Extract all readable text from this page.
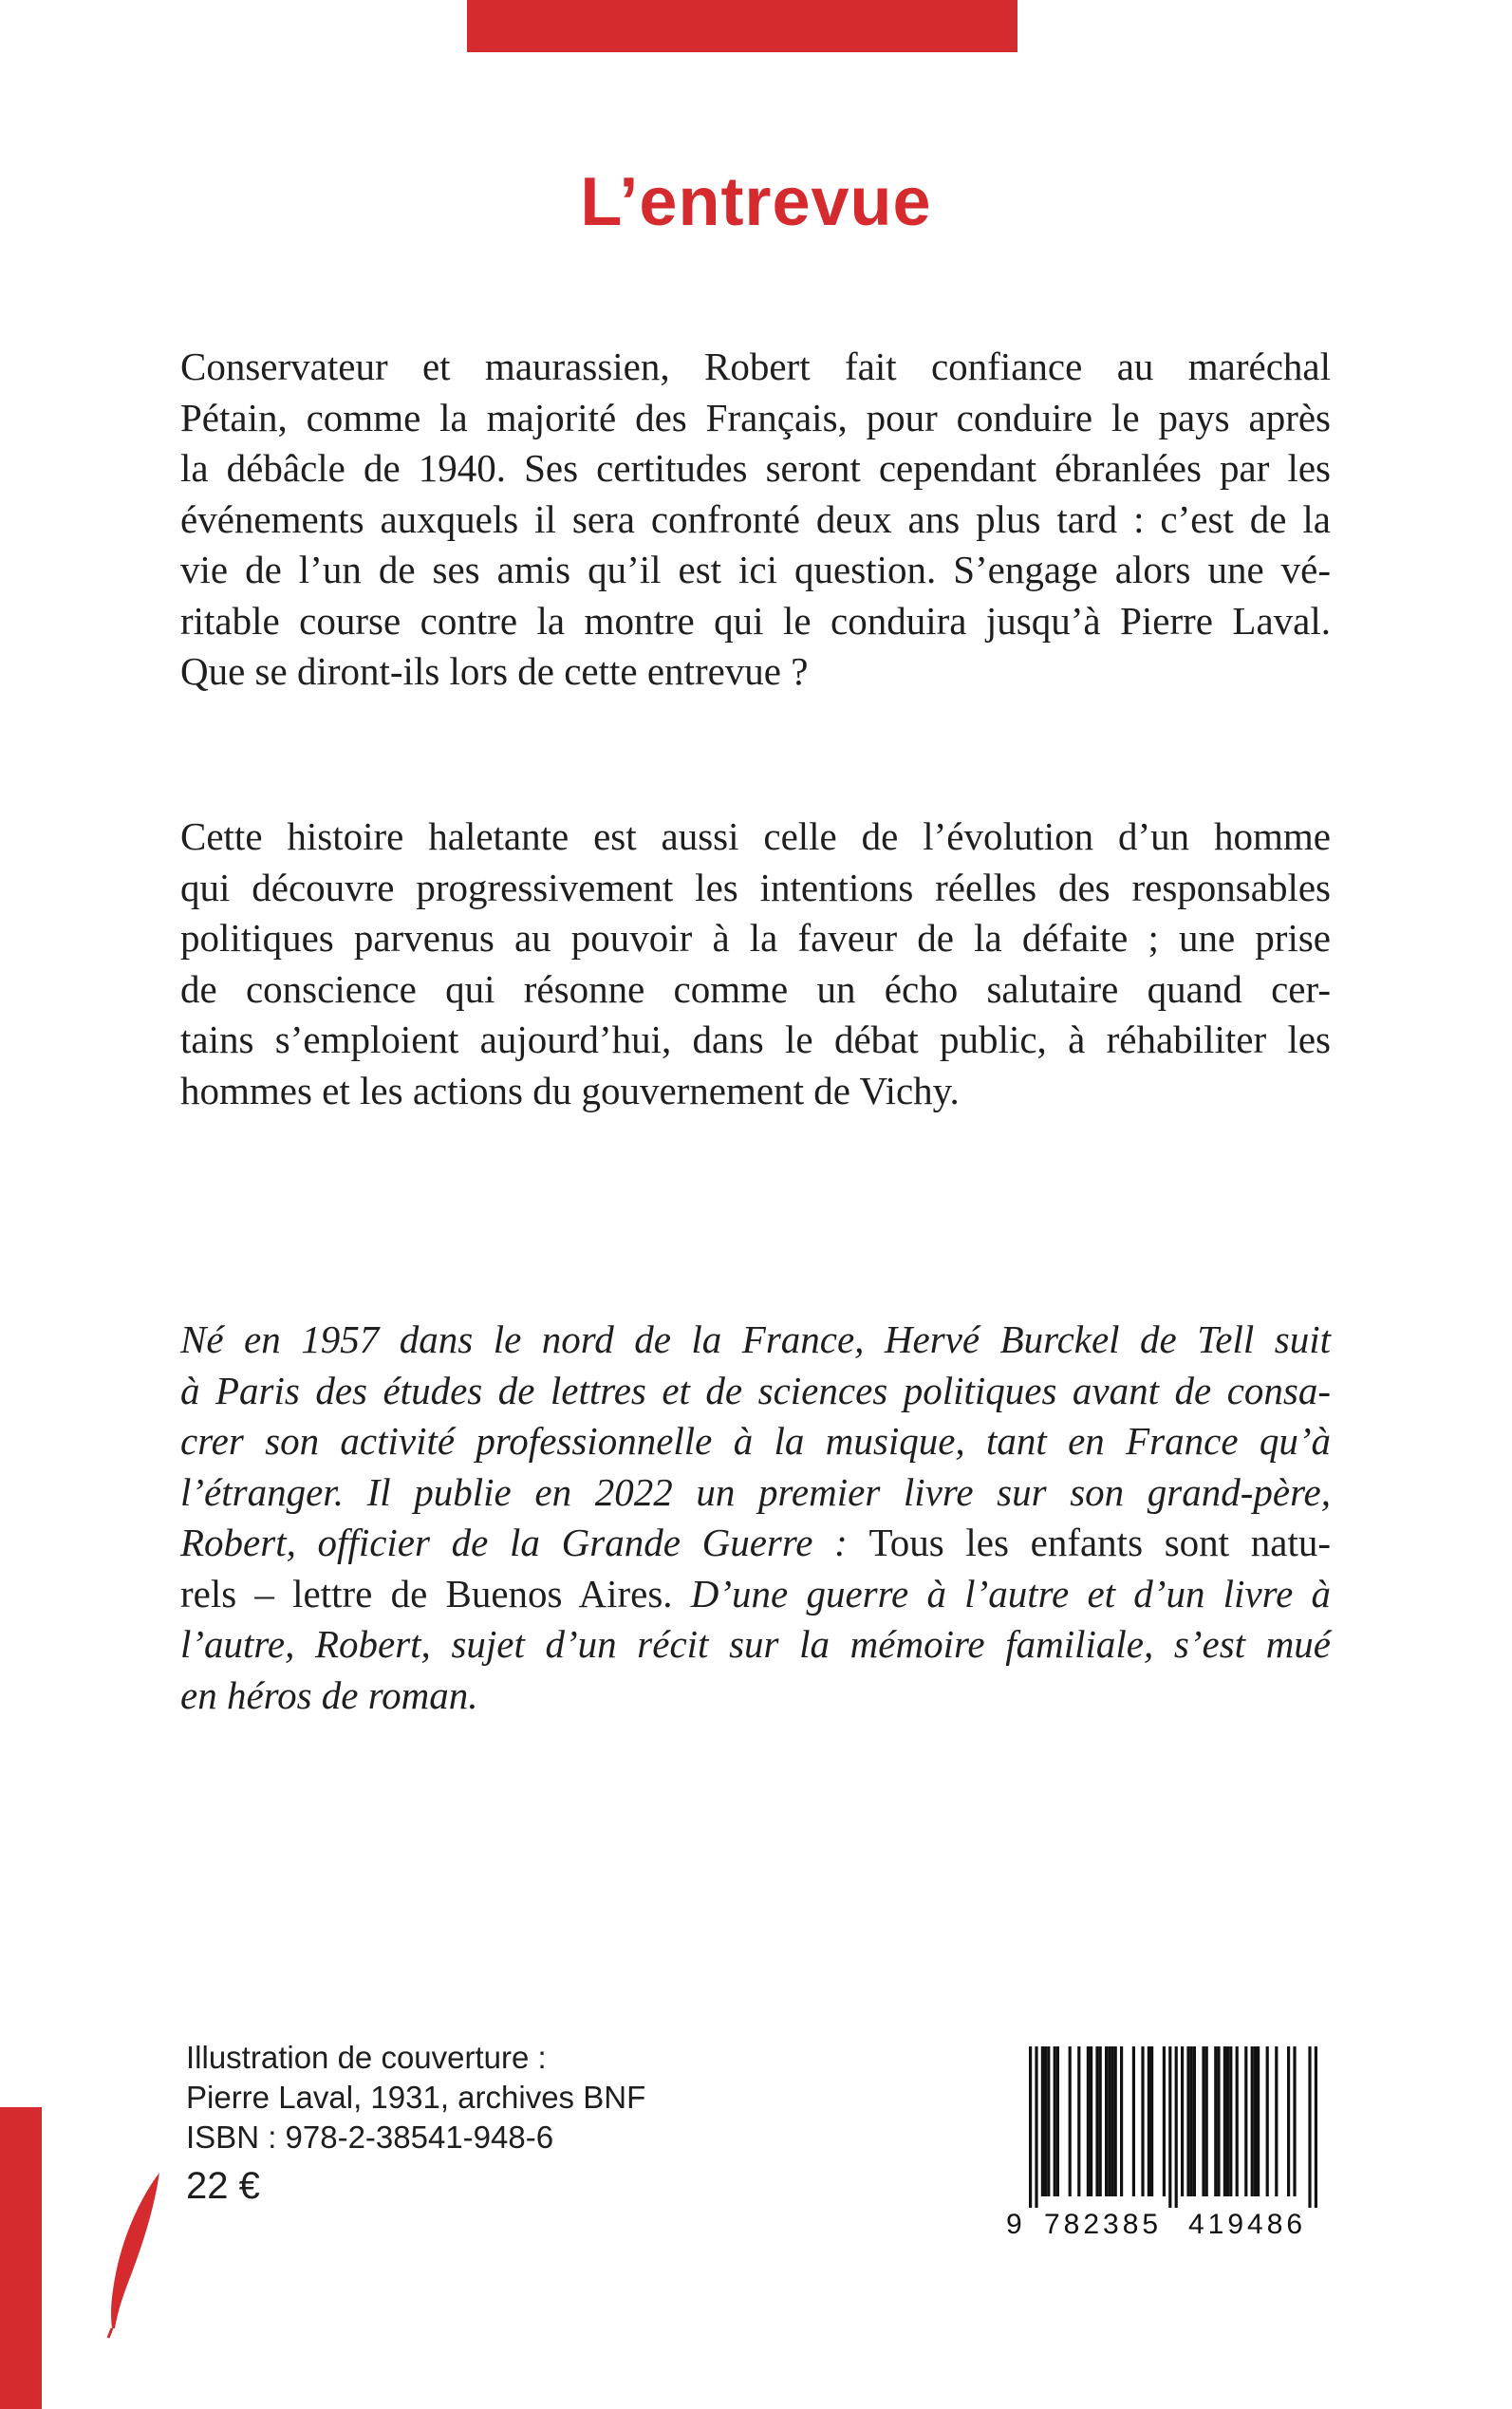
L’entrevue
Conservateur et maurassien, Robert fait confiance au maréchal Pétain, comme la majorité des Français, pour conduire le pays après la débâcle de 1940. Ses certitudes seront cependant ébranlées par les événements auxquels il sera confronté deux ans plus tard : c’est de la vie de l’un de ses amis qu’il est ici question. S’engage alors une vé- ritable course contre la montre qui le conduira jusqu’à Pierre Laval. Que se diront-ils lors de cette entrevue ?
Cette histoire haletante est aussi celle de l’évolution d’un homme qui découvre progressivement les intentions réelles des responsables politiques parvenus au pouvoir à la faveur de la défaite ; une prise de conscience qui résonne comme un écho salutaire quand cer- tains s’emploient aujourd’hui, dans le débat public, à réhabiliter les hommes et les actions du gouvernement de Vichy.
Né en 1957 dans le nord de la France, Hervé Burckel de Tell suit à Paris des études de lettres et de sciences politiques avant de consa- crer son activité professionnelle à la musique, tant en France qu’à l’étranger. Il publie en 2022 un premier livre sur son grand-père, Robert, officier de la Grande Guerre : Tous les enfants sont natu- rels – lettre de Buenos Aires. D’une guerre à l’autre et d’un livre à l’autre, Robert, sujet d’un récit sur la mémoire familiale, s’est mué en héros de roman.
Illustration de couverture :
Pierre Laval, 1931, archives BNF
ISBN : 978-2-38541-948-6
22 €
9 782385 419486
